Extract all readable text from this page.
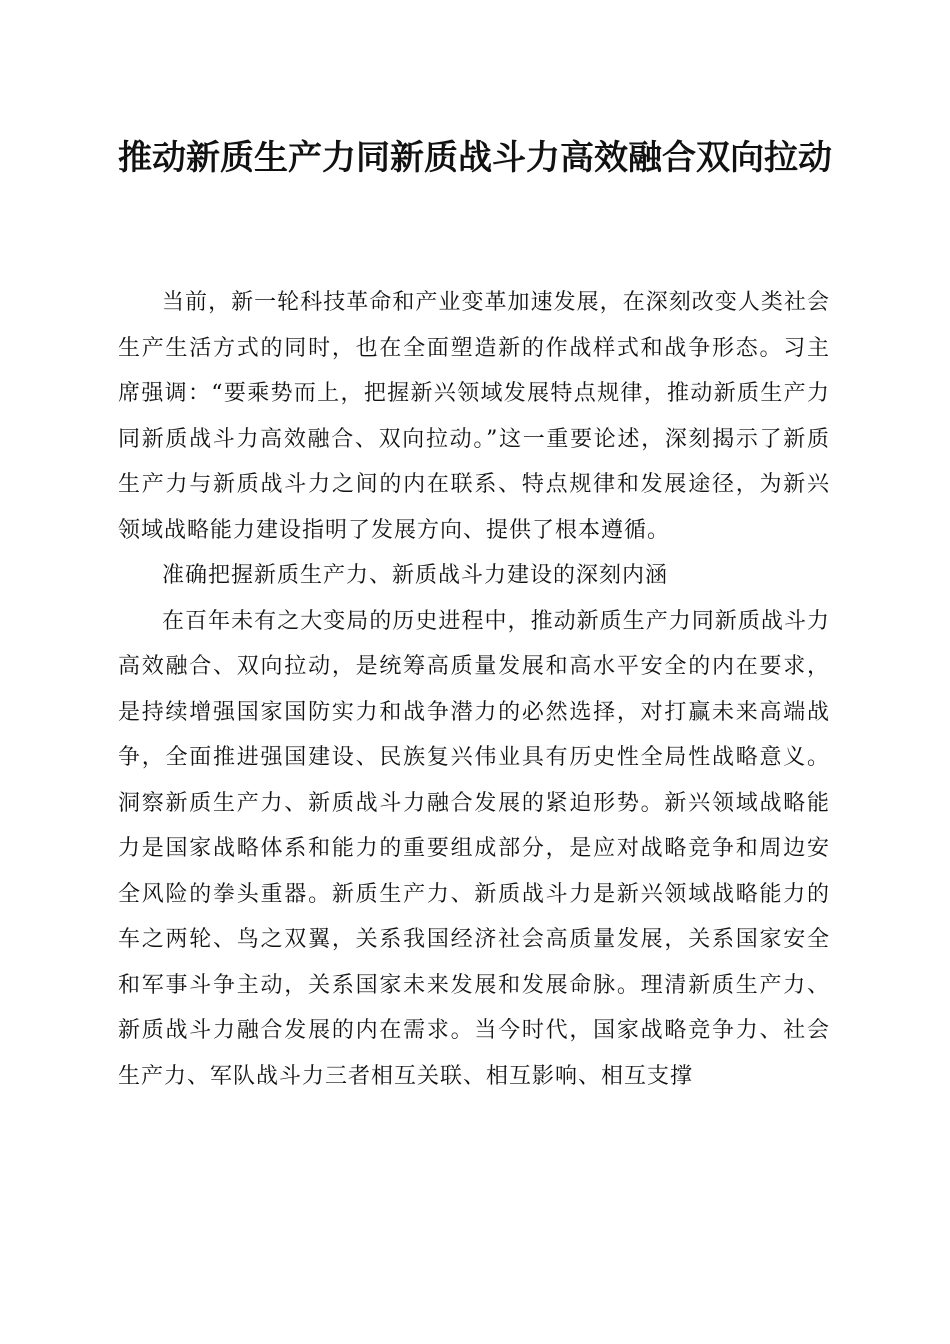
推动新质生产力同新质战斗力高效融合双向拉动

当前，新一轮科技革命和产业变革加速发展，在深刻改变人类社会生产生活方式的同时，也在全面塑造新的作战样式和战争形态。习主席强调：“要乘势而上，把握新兴领域发展特点规律，推动新质生产力同新质战斗力高效融合、双向拉动。”这一重要论述，深刻揭示了新质生产力与新质战斗力之间的内在联系、特点规律和发展途径，为新兴领域战略能力建设指明了发展方向、提供了根本遵循。

准确把握新质生产力、新质战斗力建设的深刻内涵

在百年未有之大变局的历史进程中，推动新质生产力同新质战斗力高效融合、双向拉动，是统筹高质量发展和高水平安全的内在要求，是持续增强国家国防实力和战争潜力的必然选择，对打赢未来高端战争，全面推进强国建设、民族复兴伟业具有历史性全局性战略意义。洞察新质生产力、新质战斗力融合发展的紧迫形势。新兴领域战略能力是国家战略体系和能力的重要组成部分，是应对战略竞争和周边安全风险的拳头重器。新质生产力、新质战斗力是新兴领域战略能力的车之两轮、鸟之双翼，关系我国经济社会高质量发展，关系国家安全和军事斗争主动，关系国家未来发展和发展命脉。理清新质生产力、新质战斗力融合发展的内在需求。当今时代，国家战略竞争力、社会生产力、军队战斗力三者相互关联、相互影响、相互支撑
